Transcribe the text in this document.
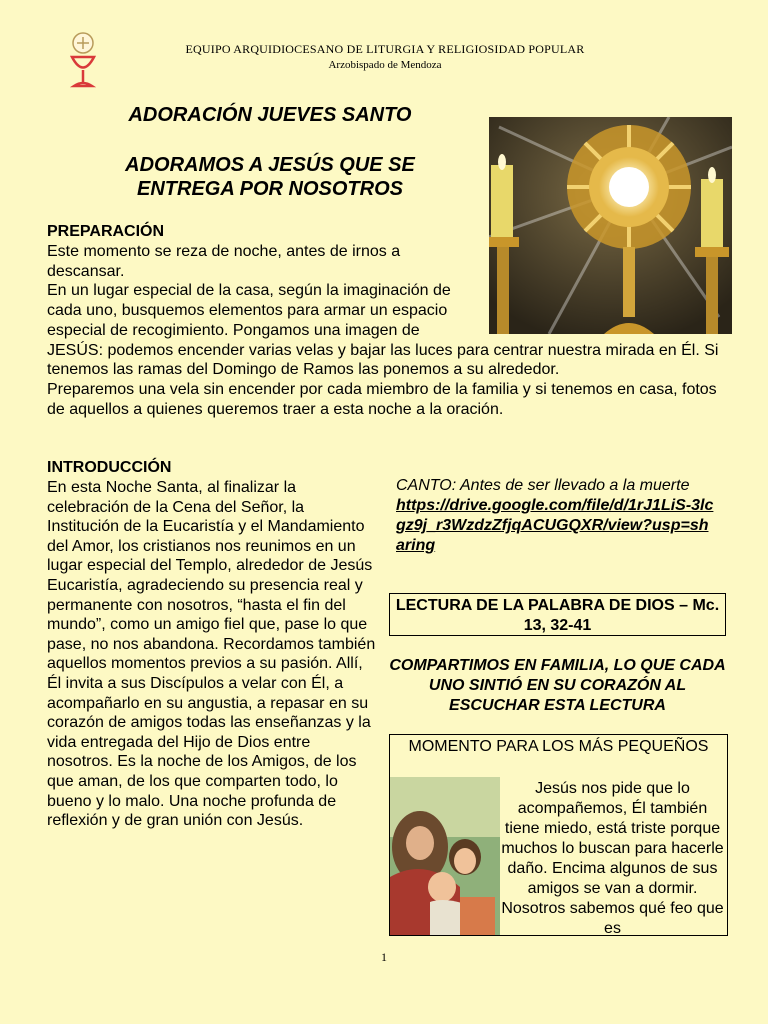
EQUIPO ARQUIDIOCESANO DE LITURGIA Y RELIGIOSIDAD POPULAR
Arzobispado de Mendoza
ADORACIÓN JUEVES SANTO
ADORAMOS A JESÚS QUE SE ENTREGA POR NOSOTROS
PREPARACIÓN

Este momento se reza de noche, antes de irnos a descansar.

En un lugar especial de la casa, según la imaginación de cada uno, busquemos elementos para armar un espacio especial de recogimiento. Pongamos una imagen de JESÚS: podemos encender varias velas y bajar las luces para centrar nuestra mirada en Él. Si tenemos las ramas del Domingo de Ramos las ponemos a su alrededor.

Preparemos una vela sin encender por cada miembro de la familia y si tenemos en casa, fotos de aquellos a quienes queremos traer a esta noche a la oración.

INTRODUCCIÓN

En esta Noche Santa, al finalizar la celebración de la Cena del Señor, la Institución de la Eucaristía y el Mandamiento del Amor, los cristianos nos reunimos en un lugar especial del Templo, alrededor de Jesús Eucaristía, agradeciendo su presencia real y permanente con nosotros, “hasta el fin del mundo”, como un amigo fiel que, pase lo que pase, no nos abandona. Recordamos también aquellos momentos previos a su pasión. Allí, Él invita a sus Discípulos a velar con Él, a acompañarlo en su angustia, a repasar en su corazón de amigos todas las enseñanzas y la vida entregada del Hijo de Dios entre nosotros. Es la noche de los Amigos, de los que aman, de los que comparten todo, lo bueno y lo malo. Una noche profunda de reflexión y de gran unión con Jesús.

CANTO: Antes de ser llevado a la muerte
https://drive.google.com/file/d/1rJ1LiS-3lcgz9j_r3WzdzZfjqACUGQXR/view?usp=sharing
LECTURA DE LA PALABRA DE DIOS – Mc. 13, 32-41
COMPARTIMOS EN FAMILIA, LO QUE CADA UNO SINTIÓ EN SU CORAZÓN AL ESCUCHAR ESTA LECTURA
MOMENTO PARA LOS MÁS PEQUEÑOS
Jesús nos pide que lo acompañemos, Él también tiene miedo, está triste porque muchos lo buscan para hacerle daño. Encima algunos de sus amigos se van a dormir. Nosotros sabemos qué feo que es
1
